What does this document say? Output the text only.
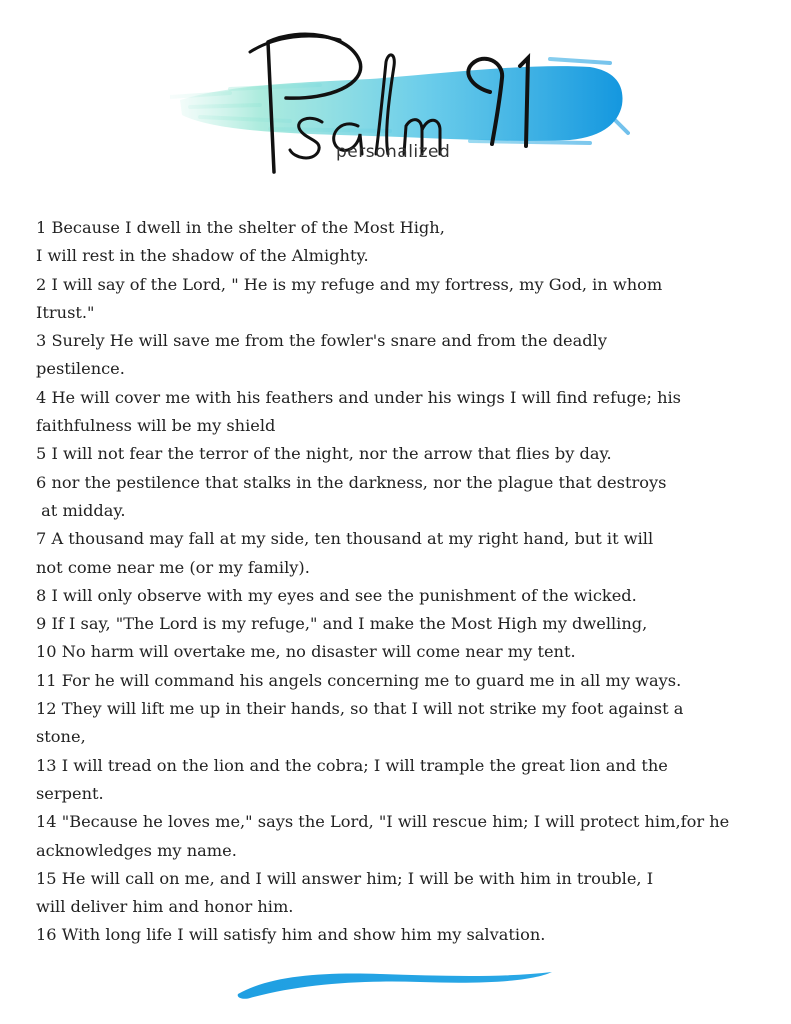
personalized
1 Because I dwell in the shelter of the Most High,
I will rest in the shadow of the Almighty.
2 I will say of the Lord, " He is my refuge and my fortress, my God, in whom
Itrust."
3 Surely He will save me from the fowler's snare and from the deadly
pestilence.
4 He will cover me with his feathers and under his wings I will find refuge; his
faithfulness will be my shield
5 I will not fear the terror of the night, nor the arrow that flies by day.
6 nor the pestilence that stalks in the darkness, nor the plague that destroys
at midday.
7 A thousand may fall at my side, ten thousand at my right hand, but it will
not come near me (or my family).
8 I will only observe with my eyes and see the punishment of the wicked.
9 If I say, "The Lord is my refuge," and I make the Most High my dwelling,
10 No harm will overtake me, no disaster will come near my tent.
11 For he will command his angels concerning me to guard me in all my ways.
12 They will lift me up in their hands, so that I will not strike my foot against a
stone,
13 I will tread on the lion and the cobra; I will trample the great lion and the
serpent.
14 "Because he loves me," says the Lord, "I will rescue him; I will protect him,for he
acknowledges my name.
15 He will call on me, and I will answer him; I will be with him in trouble, I
will deliver him and honor him.
16 With long life I will satisfy him and show him my salvation.
